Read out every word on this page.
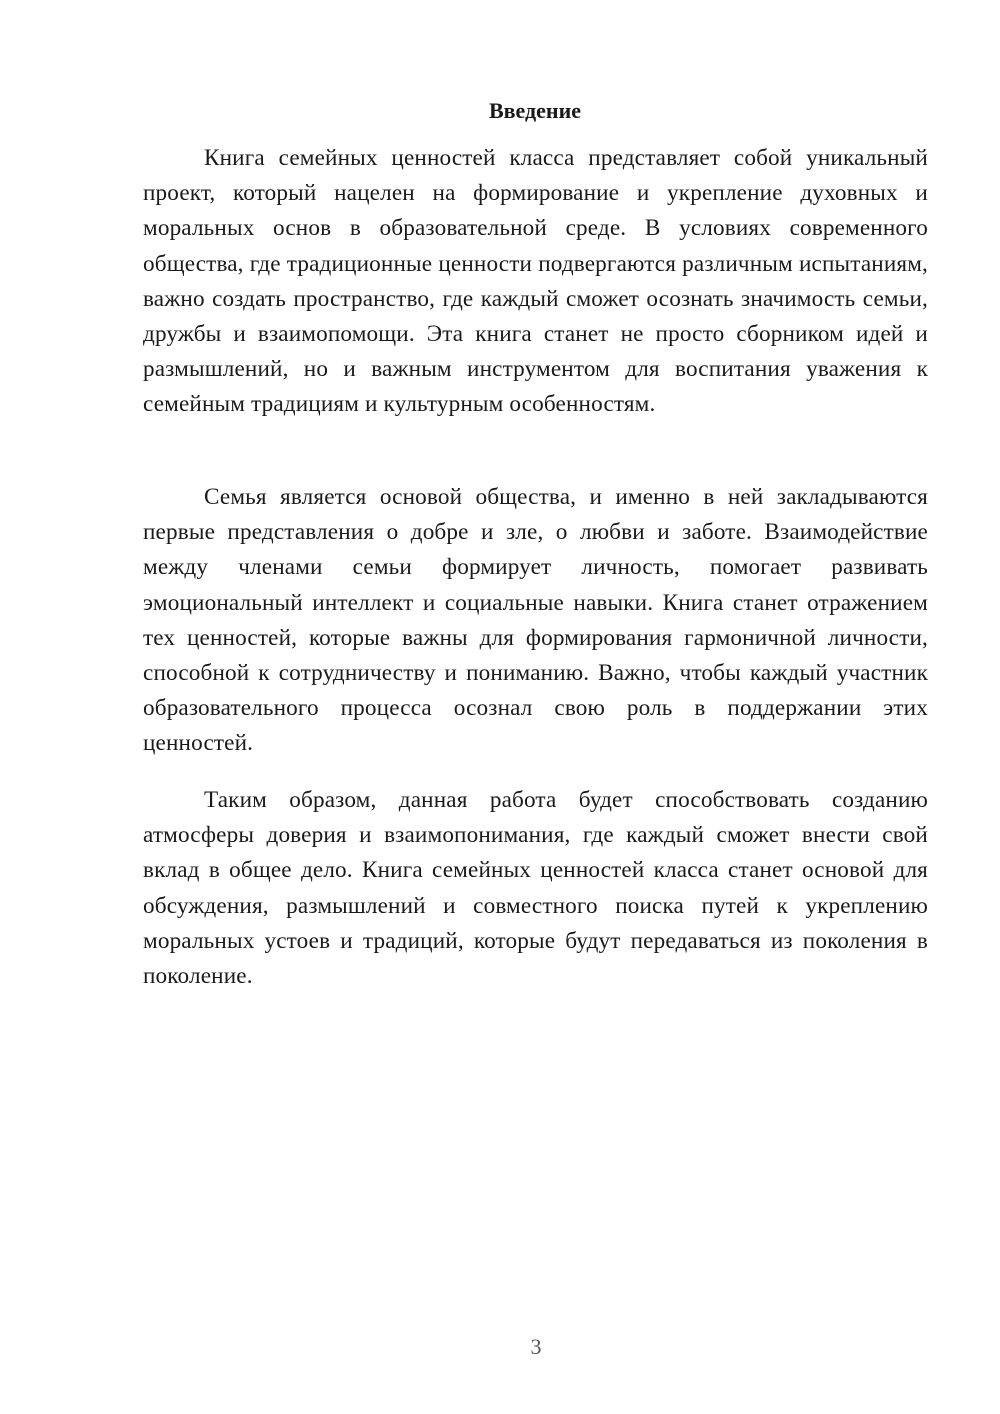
Введение

Книга семейных ценностей класса представляет собой уникальный проект, который нацелен на формирование и укрепление духовных и моральных основ в образовательной среде. В условиях современного общества, где традиционные ценности подвергаются различным испытаниям, важно создать пространство, где каждый сможет осознать значимость семьи, дружбы и взаимопомощи. Эта книга станет не просто сборником идей и размышлений, но и важным инструментом для воспитания уважения к семейным традициям и культурным особенностям.

Семья является основой общества, и именно в ней закладываются первые представления о добре и зле, о любви и заботе. Взаимодействие между членами семьи формирует личность, помогает развивать эмоциональный интеллект и социальные навыки. Книга станет отражением тех ценностей, которые важны для формирования гармоничной личности, способной к сотрудничеству и пониманию. Важно, чтобы каждый участник образовательного процесса осознал свою роль в поддержании этих ценностей.

Таким образом, данная работа будет способствовать созданию атмосферы доверия и взаимопонимания, где каждый сможет внести свой вклад в общее дело. Книга семейных ценностей класса станет основой для обсуждения, размышлений и совместного поиска путей к укреплению моральных устоев и традиций, которые будут передаваться из поколения в поколение.

3
